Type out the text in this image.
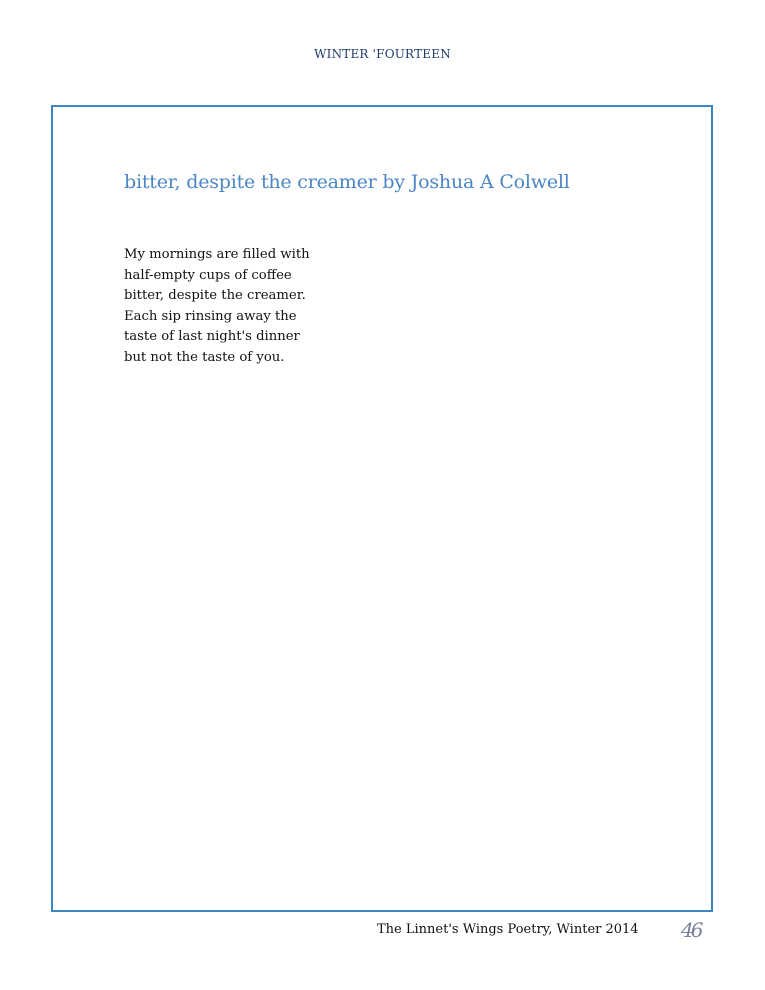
WINTER 'FOURTEEN
bitter, despite the creamer by Joshua A Colwell
My mornings are filled with
half-empty cups of coffee
bitter, despite the creamer.
Each sip rinsing away the
taste of last night's dinner
but not the taste of you.
The Linnet's Wings Poetry, Winter 2014 46
